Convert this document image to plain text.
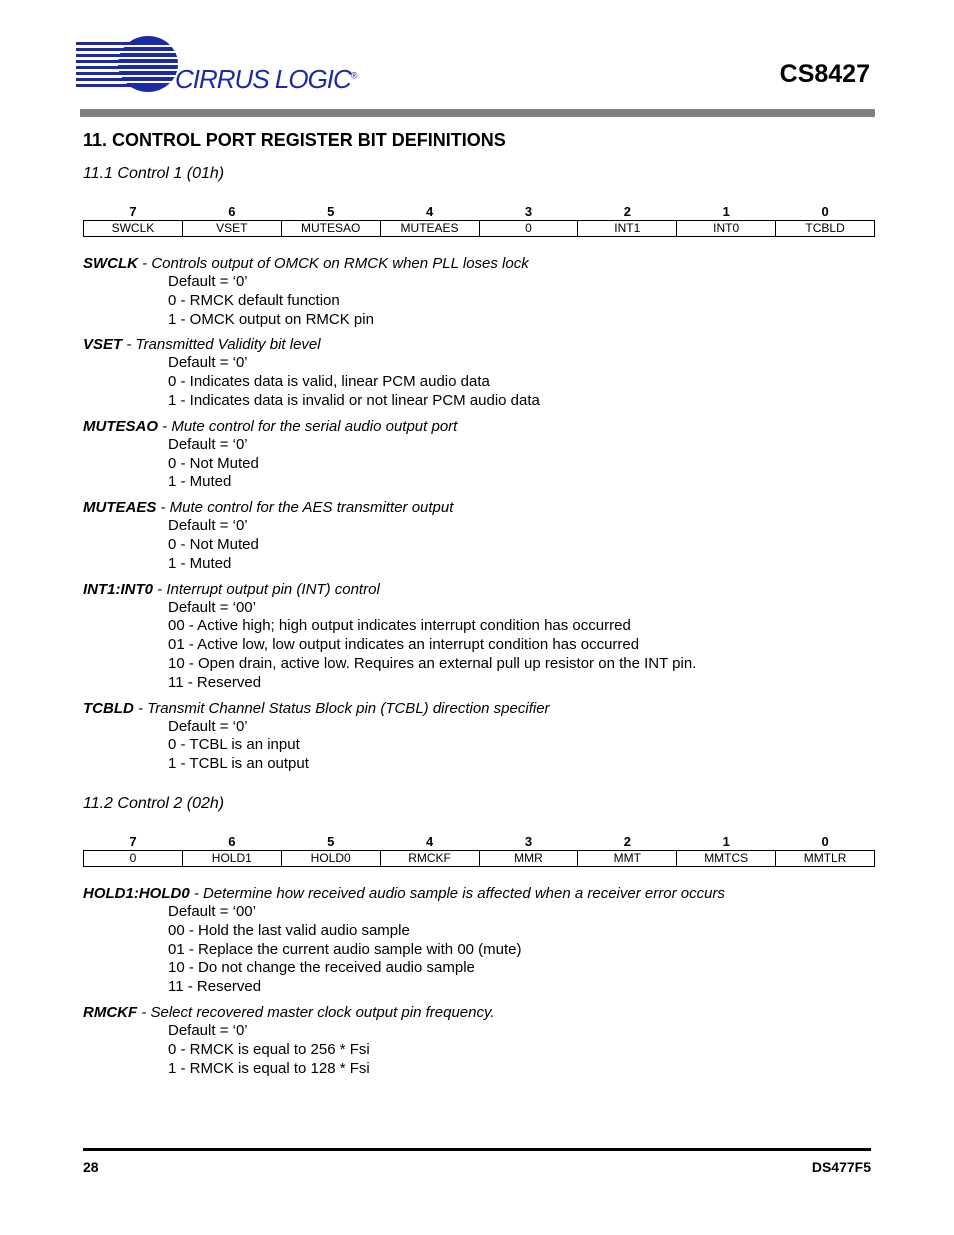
CIRRUS LOGIC®	CS8427
11. CONTROL PORT REGISTER BIT DEFINITIONS
11.1 Control 1 (01h)
7	6	5	4	3	2	1	0
SWCLK	VSET	MUTESAO	MUTEAES	0	INT1	INT0	TCBLD
SWCLK - Controls output of OMCK on RMCK when PLL loses lock
Default = ‘0’
0 - RMCK default function
1 - OMCK output on RMCK pin
VSET - Transmitted Validity bit level
Default = ‘0’
0 - Indicates data is valid, linear PCM audio data
1 - Indicates data is invalid or not linear PCM audio data
MUTESAO - Mute control for the serial audio output port
Default = ‘0’
0 - Not Muted
1 - Muted
MUTEAES - Mute control for the AES transmitter output
Default = ‘0’
0 - Not Muted
1 - Muted
INT1:INT0 - Interrupt output pin (INT) control
Default = ‘00’
00 - Active high; high output indicates interrupt condition has occurred
01 - Active low, low output indicates an interrupt condition has occurred
10 - Open drain, active low. Requires an external pull up resistor on the INT pin.
11 - Reserved
TCBLD - Transmit Channel Status Block pin (TCBL) direction specifier
Default = ‘0’
0 - TCBL is an input
1 - TCBL is an output
11.2 Control 2 (02h)
7	6	5	4	3	2	1	0
0	HOLD1	HOLD0	RMCKF	MMR	MMT	MMTCS	MMTLR
HOLD1:HOLD0 - Determine how received audio sample is affected when a receiver error occurs
Default = ‘00’
00 - Hold the last valid audio sample
01 - Replace the current audio sample with 00 (mute)
10 - Do not change the received audio sample
11 - Reserved
RMCKF - Select recovered master clock output pin frequency.
Default = ‘0’
0 - RMCK is equal to 256 * Fsi
1 - RMCK is equal to 128 * Fsi
28	DS477F5
